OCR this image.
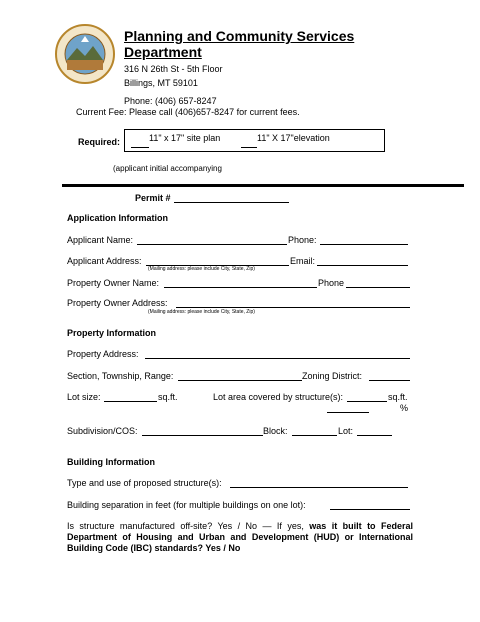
Planning and Community Services
Department
316 N 26th St - 5th Floor
Billings, MT 59101
Phone: (406) 657-8247
Current Fee: Please call (406)657-8247 for current fees.
Required:	11" x 17" site plan	11" X 17"elevation
(applicant initial accompanying
Permit #
Application Information
Applicant Name:	Phone:
Applicant Address:	Email:
(Mailing address: please include City, State, Zip)
Property Owner Name:	Phone
Property Owner Address:
(Mailing address: please include City, State, Zip)
Property Information
Property Address:
Section, Township, Range:	Zoning District:
Lot size:	sq.ft.	Lot area covered by structure(s):	sq.ft.
%
Subdivision/COS:	Block:	Lot:
Building Information
Type and use of proposed structure(s):
Building separation in feet (for multiple buildings on one lot):
Is structure manufactured off-site? Yes / No — If yes, was it built to Federal Department of Housing and Urban and Development (HUD) or International Building Code (IBC) standards? Yes / No
